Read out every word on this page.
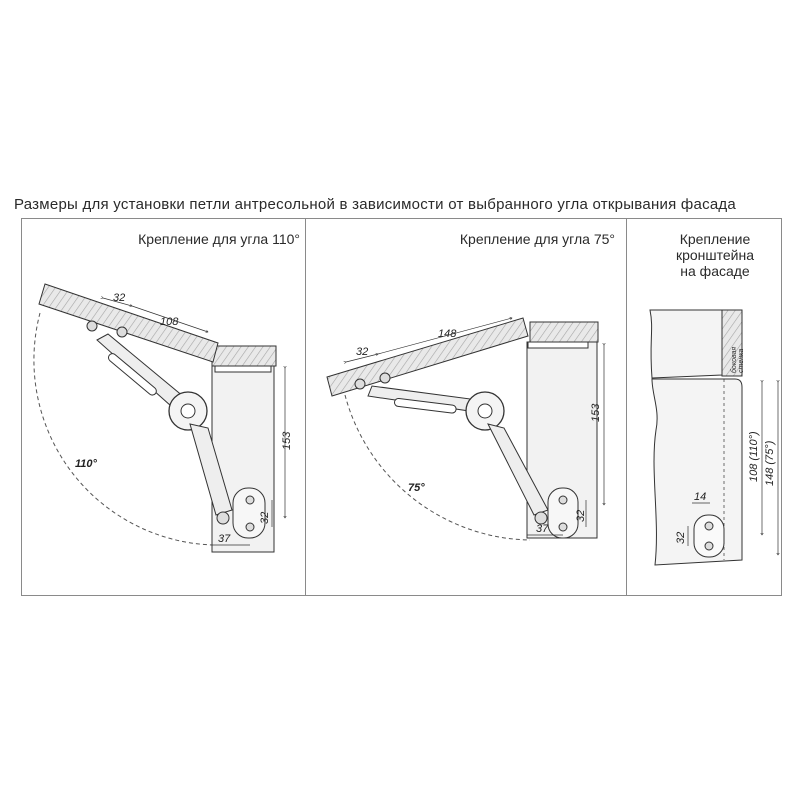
Размеры для установки петли антресольной в зависимости от выбранного угла открывания фасада
Крепление для угла 110°	Крепление для угла 75°	Крепление
кронштейна
на фасаде
32
108
153
32
37
110°
32
148
153
32
37
75°
боковая стенка
108 (110°) 148 (75°)
14
32
